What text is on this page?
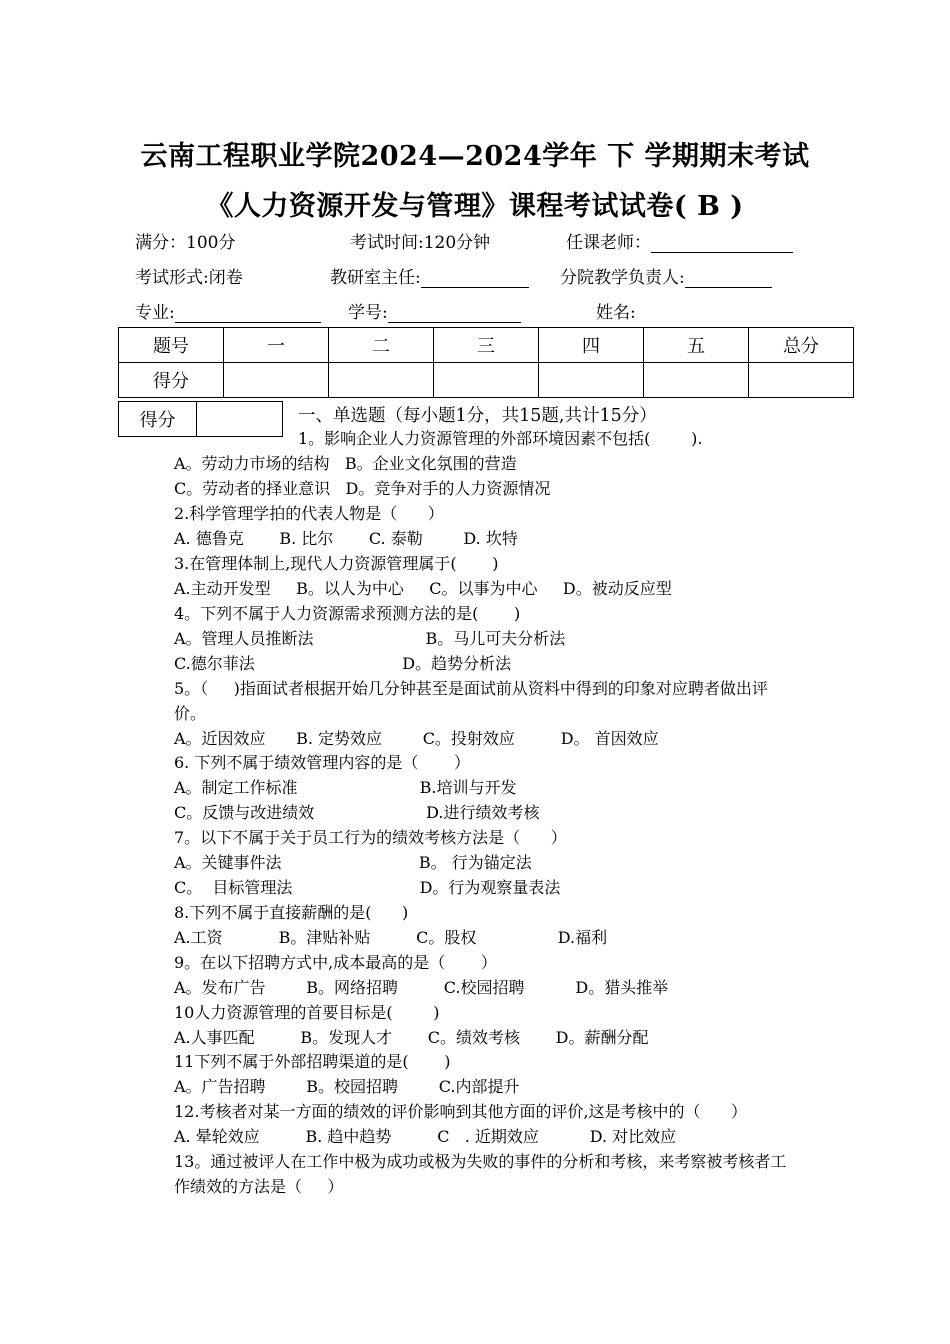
云南工程职业学院2024—2024学年 下 学期期末考试
《人力资源开发与管理》课程考试试卷( B )
满分：100分	考试时间:120分钟	任课老师：
考试形式:闭卷	教研室主任:	分院教学负责人:
专业:	学号:	姓名:
题号	一	二	三	四	五	总分
得分						
得分		一、单选题（每小题1分，共15题,共计15分）
1。影响企业人力资源管理的外部环境因素不包括(        ).
A。劳动力市场的结构   B。企业文化氛围的营造
C。劳动者的择业意识   D。竞争对手的人力资源情况
2.科学管理学拍的代表人物是（      ）
A. 德鲁克       B. 比尔       C. 泰勒        D. 坎特
3.在管理体制上,现代人力资源管理属于(       )
A.主动开发型     B。以人为中心     C。以事为中心     D。被动反应型
4。下列不属于人力资源需求预测方法的是(       )
A。管理人员推断法                      B。马儿可夫分析法
C.德尔菲法                             D。趋势分析法
5。（     )指面试者根据开始几分钟甚至是面试前从资料中得到的印象对应聘者做出评
价。
A。近因效应      B. 定势效应        C。投射效应         D。 首因效应
6. 下列不属于绩效管理内容的是（       ）
A。制定工作标准                        B.培训与开发
C。反馈与改进绩效                      D.进行绩效考核
7。以下不属于关于员工行为的绩效考核方法是（      ）
A。关键事件法                           B。 行为锚定法
C。  目标管理法                         D。行为观察量表法
8.下列不属于直接薪酬的是(      )
A.工资           B。津贴补贴         C。股权                D.福利
9。在以下招聘方式中,成本最高的是（       ）
A。发布广告        B。网络招聘         C.校园招聘          D。猎头推举
10人力资源管理的首要目标是(        )
A.人事匹配         B。发现人才       C。绩效考核       D。薪酬分配
11下列不属于外部招聘渠道的是(       )
A。广告招聘        B。校园招聘        C.内部提升
12.考核者对某一方面的绩效的评价影响到其他方面的评价,这是考核中的（      ）
A. 晕轮效应         B. 趋中趋势         C   . 近期效应          D. 对比效应
13。通过被评人在工作中极为成功或极为失败的事件的分析和考核，来考察被考核者工
作绩效的方法是（     ）
